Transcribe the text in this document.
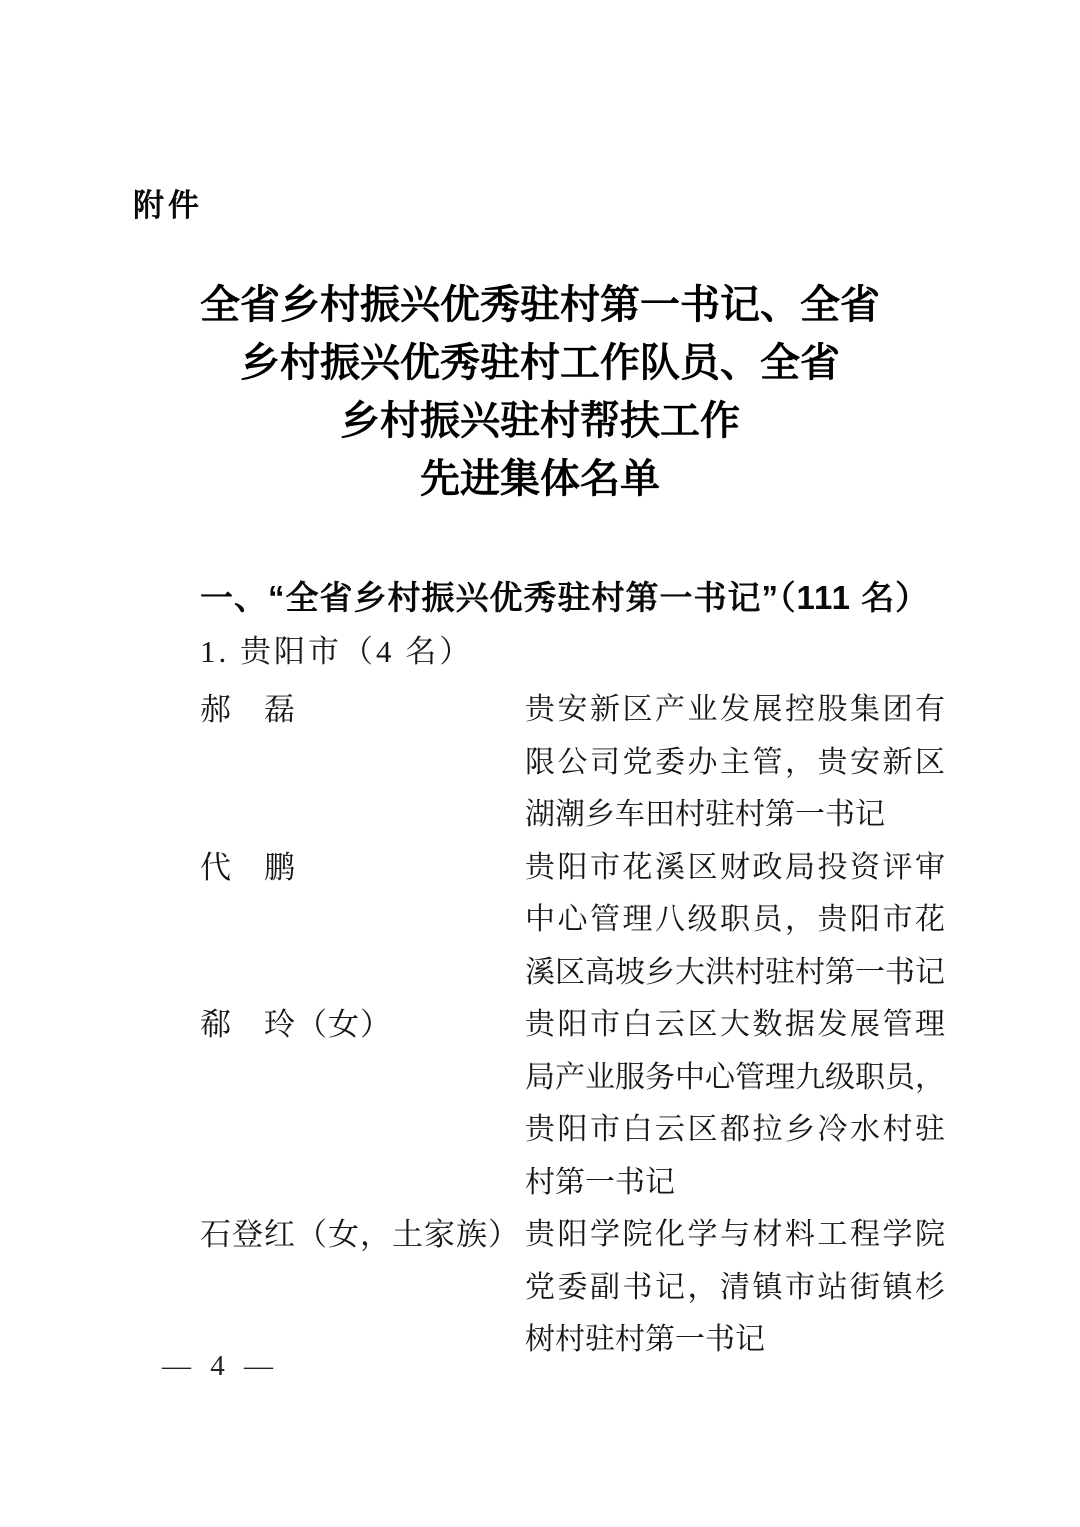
附件
全省乡村振兴优秀驻村第一书记、全省
乡村振兴优秀驻村工作队员、全省
乡村振兴驻村帮扶工作
先进集体名单
一、“全省乡村振兴优秀驻村第一书记”（111 名）
1. 贵阳市（4 名）
郝　磊	贵安新区产业发展控股集团有
限公司党委办主管，贵安新区
湖潮乡车田村驻村第一书记
代　鹏	贵阳市花溪区财政局投资评审
中心管理八级职员，贵阳市花
溪区高坡乡大洪村驻村第一书记
郗　玲（女）	贵阳市白云区大数据发展管理
局产业服务中心管理九级职员，
贵阳市白云区都拉乡冷水村驻
村第一书记
石登红（女，土家族） 贵阳学院化学与材料工程学院
党委副书记，清镇市站街镇杉
树村驻村第一书记
— 4 —
